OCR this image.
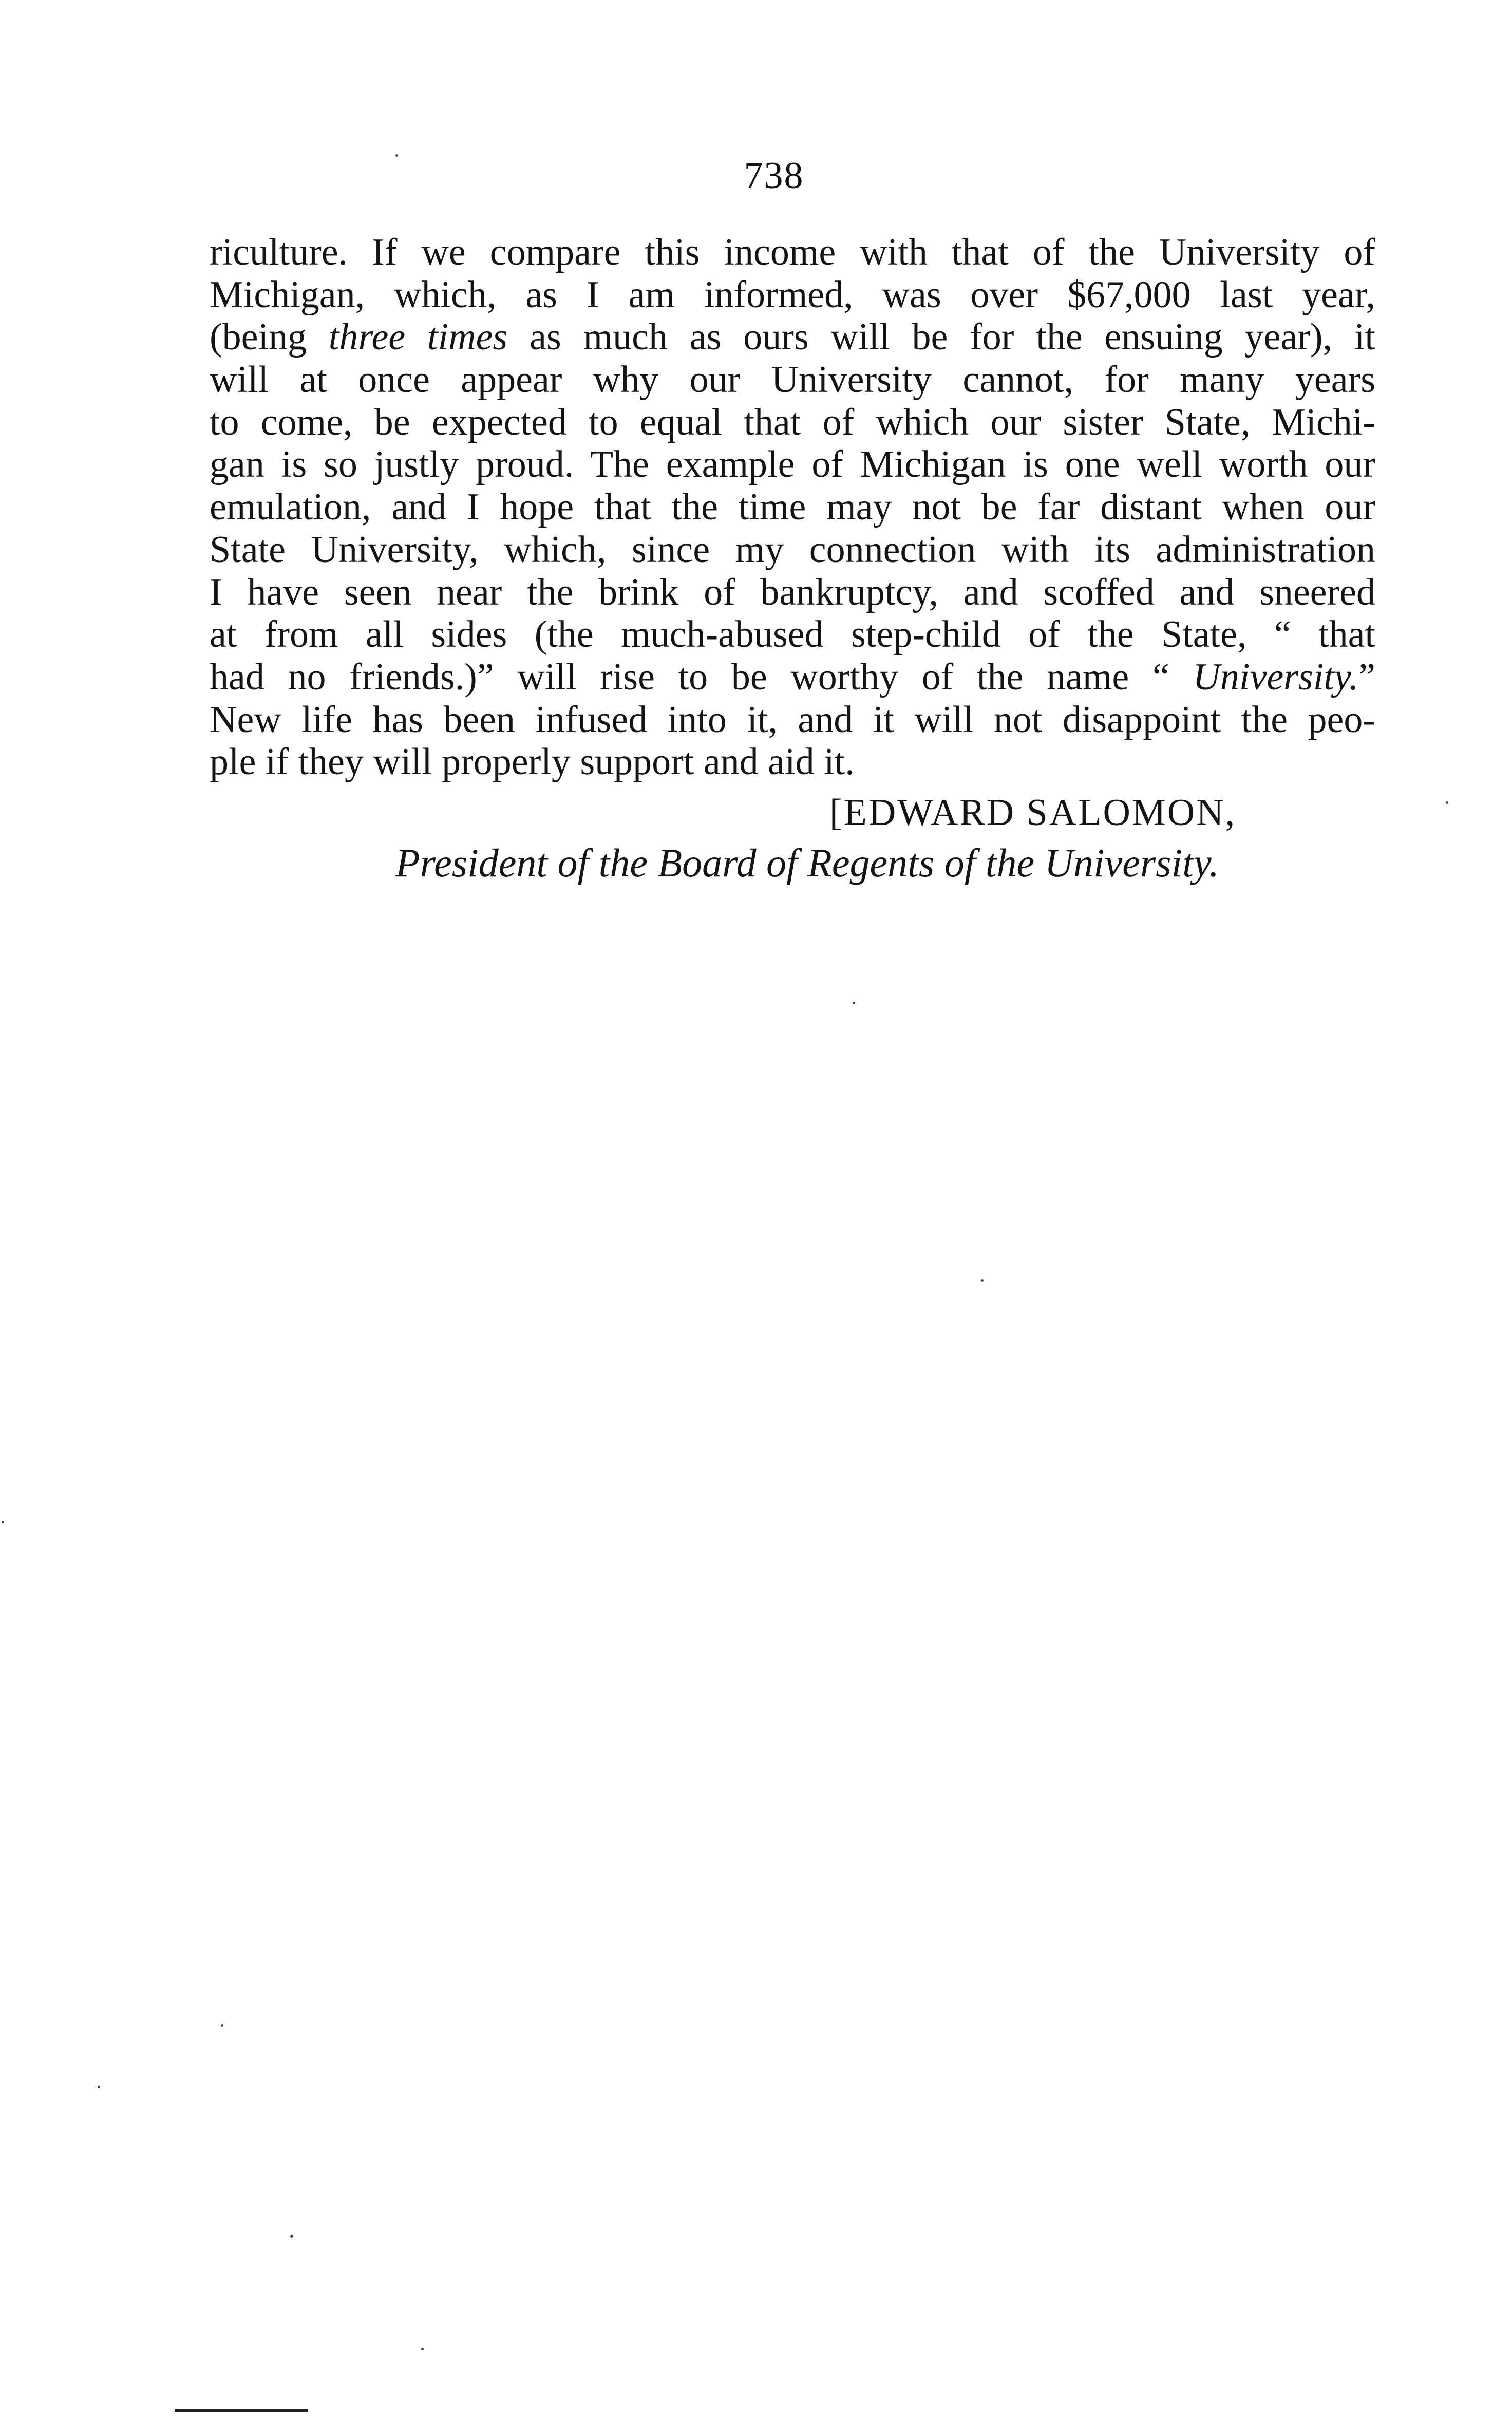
738
riculture. If we compare this income with that of the University of
Michigan, which, as I am informed, was over $67,000 last year,
(being three times as much as ours will be for the ensuing year), it
will at once appear why our University cannot, for many years
to come, be expected to equal that of which our sister State, Michi-
gan is so justly proud. The example of Michigan is one well worth our
emulation, and I hope that the time may not be far distant when our
State University, which, since my connection with its administration
I have seen near the brink of bankruptcy, and scoffed and sneered
at from all sides (the much-abused step-child of the State, “ that
had no friends.)” will rise to be worthy of the name “ University.”
New life has been infused into it, and it will not disappoint the peo-
ple if they will properly support and aid it.
[EDWARD SALOMON,
President of the Board of Regents of the University.
